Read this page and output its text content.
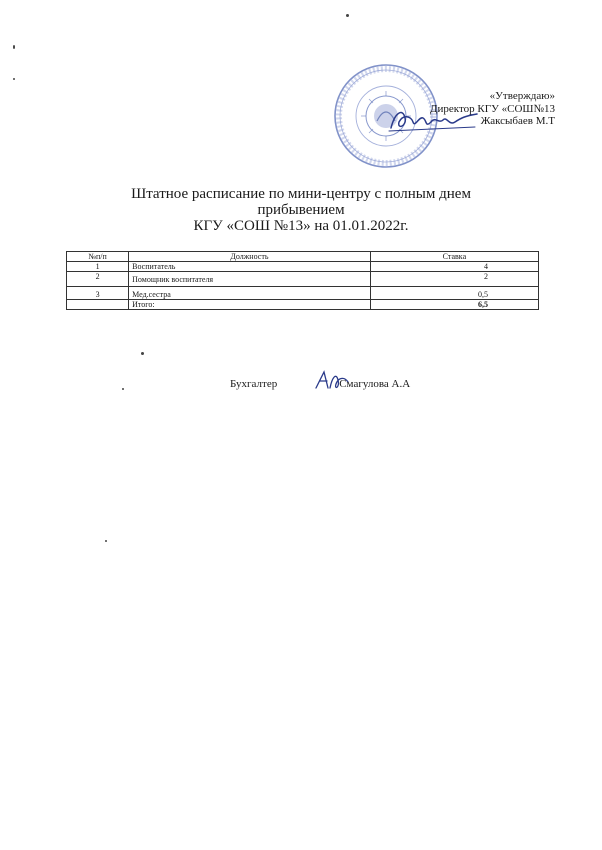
«Утверждаю»
Директор КГУ «СОШ№13
Жаксыбаев М.Т
Штатное расписание по мини-центру с полным днем
прибывением
КГУ «СОШ №13» на 01.01.2022г.
№п/п	Должность	Ставка
1	Воспитатель	4
2	Помощник воспитателя	2
3	Мед.сестра	0,5
	Итого:	6,5
Бухгалтер	Смагулова А.А
